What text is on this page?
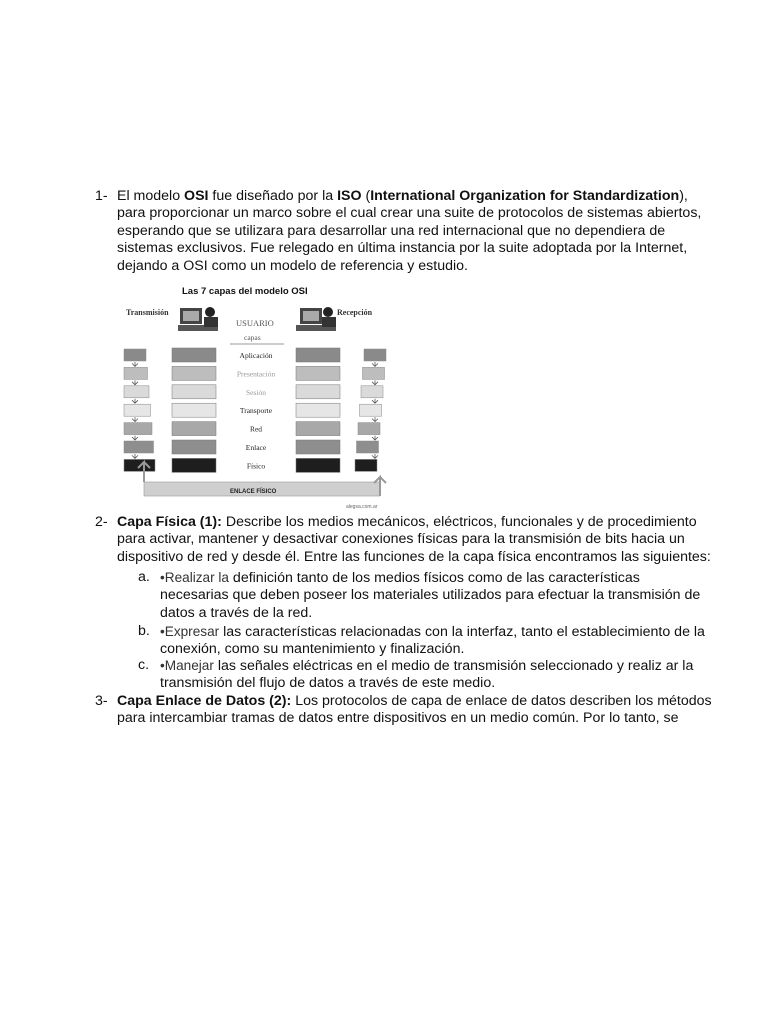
1- El modelo OSI fue diseñado por la ISO (International Organization for Standardization),
para proporcionar un marco sobre el cual crear una suite de protocolos de sistemas abiertos,
esperando que se utilizara para desarrollar una red internacional que no dependiera de
sistemas exclusivos. Fue relegado en última instancia por la suite adoptada por la Internet,
dejando a OSI como un modelo de referencia y estudio.
Las 7 capas del modelo OSI
Transmisión	Recepción
USUARIO
capas
Aplicación
Presentación
Sesión
Transporte
Red
Enlace
Físico
ENLACE FÍSICO
alegsa.com.ar
2- Capa Física (1): Describe los medios mecánicos, eléctricos, funcionales y de procedimiento
para activar, mantener y desactivar conexiones físicas para la transmisión de bits hacia un
dispositivo de red y desde él. Entre las funciones de la capa física encontramos las siguientes:
a. •Realizar la definición tanto de los medios físicos como de las características
necesarias que deben poseer los materiales utilizados para efectuar la transmisión de
datos a través de la red.
b. •Expresar las características relacionadas con la interfaz, tanto el establecimiento de la
conexión, como su mantenimiento y finalización.
c. •Manejar las señales eléctricas en el medio de transmisión seleccionado y realiz ar la
transmisión del flujo de datos a través de este medio.
3- Capa Enlace de Datos (2): Los protocolos de capa de enlace de datos describen los métodos
para intercambiar tramas de datos entre dispositivos en un medio común. Por lo tanto, se
